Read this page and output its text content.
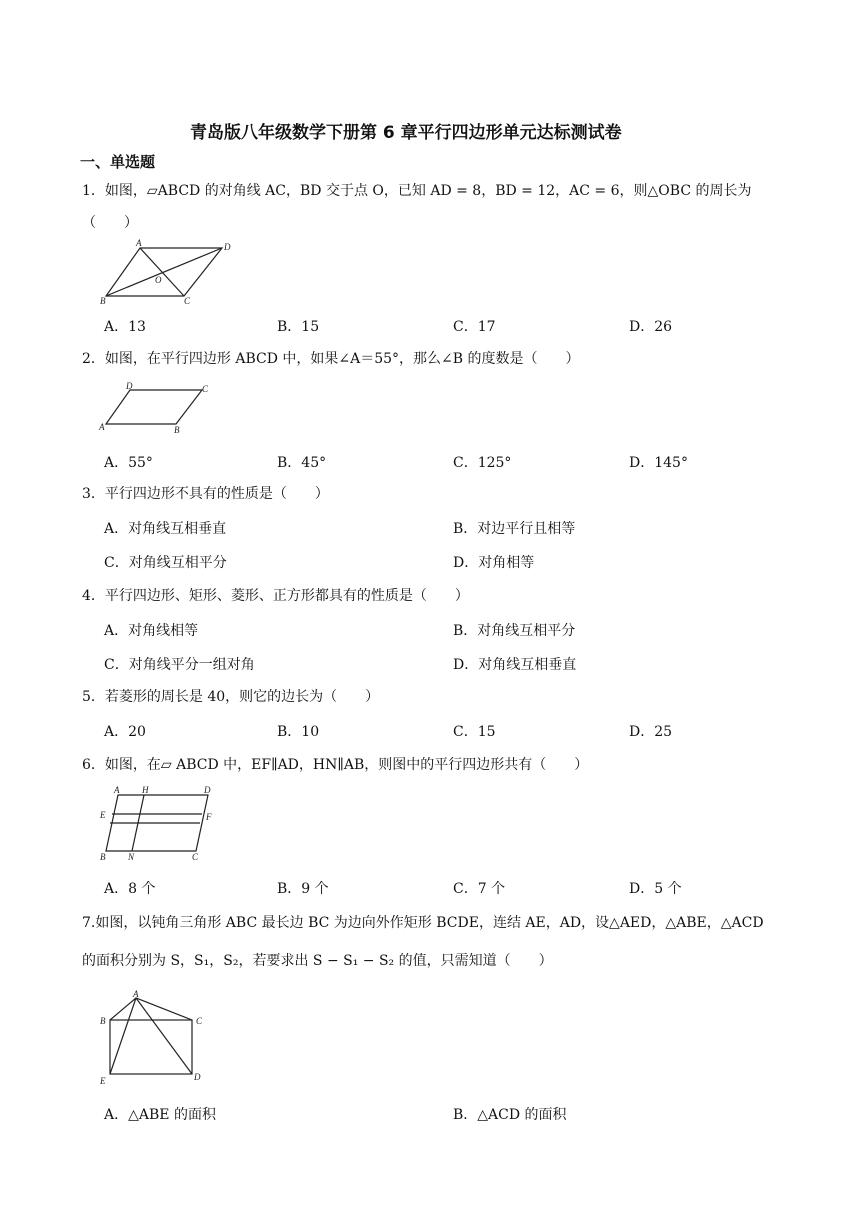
青岛版八年级数学下册第 6 章平行四边形单元达标测试卷
一、单选题
1．如图，▱ABCD 的对角线 AC，BD 交于点 O，已知 AD = 8，BD = 12，AC = 6，则△OBC 的周长为
（　　）
A	D
O
B	C
A．13	B．15	C．17	D．26
2．如图，在平行四边形 ABCD 中，如果∠A＝55°，那么∠B 的度数是（　　）
D	C
A	B
A．55°	B．45°	C．125°	D．145°
3．平行四边形不具有的性质是（　　）
A．对角线互相垂直	B．对边平行且相等
C．对角线互相平分	D．对角相等
4．平行四边形、矩形、菱形、正方形都具有的性质是（　　）
A．对角线相等	B．对角线互相平分
C．对角线平分一组对角	D．对角线互相垂直
5．若菱形的周长是 40，则它的边长为（　　）
A．20	B．10	C．15	D．25
6．如图，在▱ ABCD 中，EF∥AD，HN∥AB，则图中的平行四边形共有（　　）
A	H	D
E	F
B	N	C
A．8 个	B．9 个	C．7 个	D．5 个
7.如图，以钝角三角形 ABC 最长边 BC 为边向外作矩形 BCDE，连结 AE，AD，设△AED，△ABE，△ACD
的面积分别为 S，S₁，S₂，若要求出 S − S₁ − S₂ 的值，只需知道（　　）
A
B	C
E	D
A．△ABE 的面积	B．△ACD 的面积
